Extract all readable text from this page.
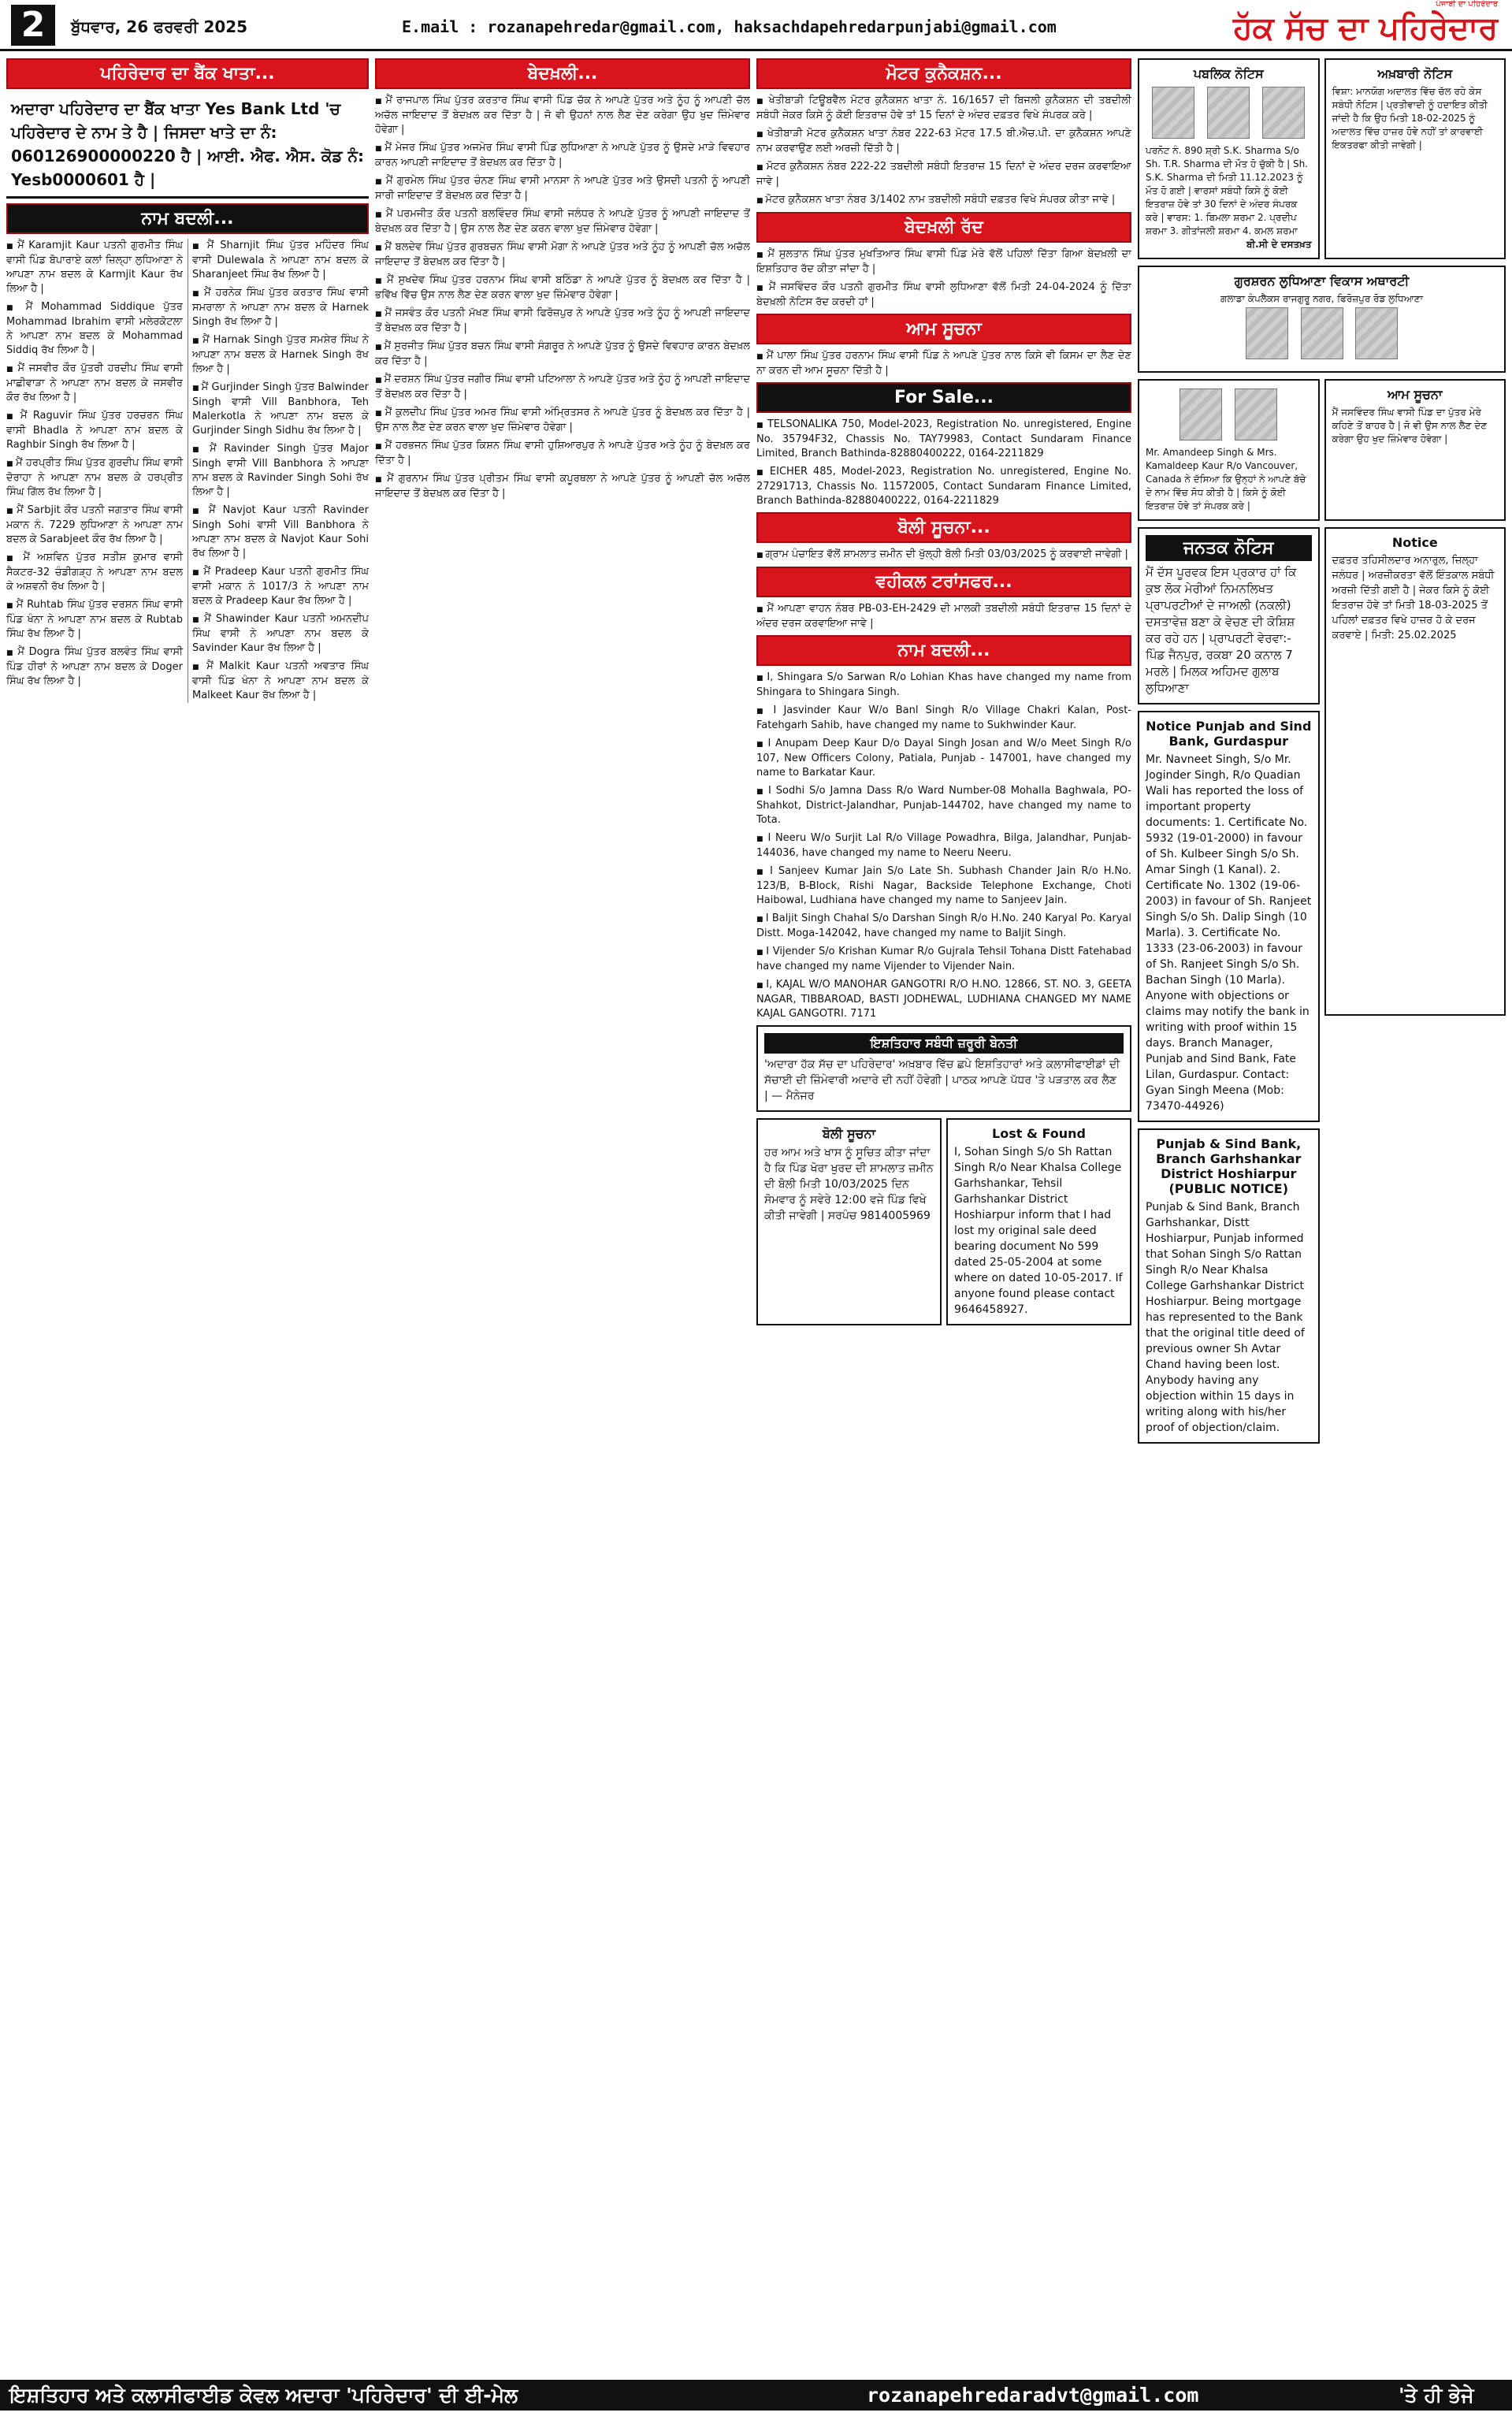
2	ਬੁੱਧਵਾਰ, 26 ਫਰਵਰੀ 2025	E.mail : rozanapehredar@gmail.com, haksachdapehredarpunjabi@gmail.com
ਪੰਜਾਬੀ ਦਾ ਪਹਿਰੇਦਾਰ
ਹੱਕ ਸੱਚ ਦਾ ਪਹਿਰੇਦਾਰ
ਪਹਿਰੇਦਾਰ ਦਾ ਬੈਂਕ ਖਾਤਾ...
ਅਦਾਰਾ ਪਹਿਰੇਦਾਰ ਦਾ ਬੈਂਕ ਖਾਤਾ Yes Bank Ltd 'ਚ ਪਹਿਰੇਦਾਰ ਦੇ ਨਾਮ ਤੇ ਹੈ | ਜਿਸਦਾ ਖਾਤੇ ਦਾ ਨੰ: 060126900000220 ਹੈ | ਆਈ. ਐਫ. ਐਸ. ਕੋਡ ਨੰ: Yesb0000601 ਹੈ |
ਨਾਮ ਬਦਲੀ...
■ ਮੈਂ Karamjit Kaur ਪਤਨੀ ਗੁਰਮੀਤ ਸਿੰਘ ਵਾਸੀ ਪਿੰਡ ਬੋਪਾਰਾਏ ਕਲਾਂ ਜ਼ਿਲ੍ਹਾ ਲੁਧਿਆਣਾ ਨੇ ਆਪਣਾ ਨਾਮ ਬਦਲ ਕੇ Karmjit Kaur ਰੱਖ ਲਿਆ ਹੈ |
■ ਮੈਂ Mohammad Siddique ਪੁੱਤਰ Mohammad Ibrahim ਵਾਸੀ ਮਲੇਰਕੋਟਲਾ ਨੇ ਆਪਣਾ ਨਾਮ ਬਦਲ ਕੇ Mohammad Siddiq ਰੱਖ ਲਿਆ ਹੈ |
■ ਮੈਂ ਜਸਵੀਰ ਕੌਰ ਪੁੱਤਰੀ ਹਰਦੀਪ ਸਿੰਘ ਵਾਸੀ ਮਾਛੀਵਾੜਾ ਨੇ ਆਪਣਾ ਨਾਮ ਬਦਲ ਕੇ ਜਸਵੀਰ ਕੌਰ ਰੱਖ ਲਿਆ ਹੈ |
■ ਮੈਂ Raguvir ਸਿੰਘ ਪੁੱਤਰ ਹਰਚਰਨ ਸਿੰਘ ਵਾਸੀ Bhadla ਨੇ ਆਪਣਾ ਨਾਮ ਬਦਲ ਕੇ Raghbir Singh ਰੱਖ ਲਿਆ ਹੈ |
■ ਮੈਂ ਹਰਪ੍ਰੀਤ ਸਿੰਘ ਪੁੱਤਰ ਗੁਰਦੀਪ ਸਿੰਘ ਵਾਸੀ ਦੋਰਾਹਾ ਨੇ ਆਪਣਾ ਨਾਮ ਬਦਲ ਕੇ ਹਰਪ੍ਰੀਤ ਸਿੰਘ ਗਿੱਲ ਰੱਖ ਲਿਆ ਹੈ |
■ ਮੈਂ Sarbjit ਕੌਰ ਪਤਨੀ ਜਗਤਾਰ ਸਿੰਘ ਵਾਸੀ ਮਕਾਨ ਨੰ. 7229 ਲੁਧਿਆਣਾ ਨੇ ਆਪਣਾ ਨਾਮ ਬਦਲ ਕੇ Sarabjeet ਕੌਰ ਰੱਖ ਲਿਆ ਹੈ |
■ ਮੈਂ ਅਸ਼ਵਿਨ ਪੁੱਤਰ ਸਤੀਸ਼ ਕੁਮਾਰ ਵਾਸੀ ਸੈਕਟਰ-32 ਚੰਡੀਗੜ੍ਹ ਨੇ ਆਪਣਾ ਨਾਮ ਬਦਲ ਕੇ ਅਸ਼ਵਨੀ ਰੱਖ ਲਿਆ ਹੈ |
■ ਮੈਂ Ruhtab ਸਿੰਘ ਪੁੱਤਰ ਦਰਸ਼ਨ ਸਿੰਘ ਵਾਸੀ ਪਿੰਡ ਖੰਨਾ ਨੇ ਆਪਣਾ ਨਾਮ ਬਦਲ ਕੇ Rubtab ਸਿੰਘ ਰੱਖ ਲਿਆ ਹੈ |
■ ਮੈਂ Dogra ਸਿੰਘ ਪੁੱਤਰ ਬਲਵੰਤ ਸਿੰਘ ਵਾਸੀ ਪਿੰਡ ਹੀਰਾਂ ਨੇ ਆਪਣਾ ਨਾਮ ਬਦਲ ਕੇ Doger ਸਿੰਘ ਰੱਖ ਲਿਆ ਹੈ |
■ ਮੈਂ Sharnjit ਸਿੰਘ ਪੁੱਤਰ ਮਹਿੰਦਰ ਸਿੰਘ ਵਾਸੀ Dulewala ਨੇ ਆਪਣਾ ਨਾਮ ਬਦਲ ਕੇ Sharanjeet ਸਿੰਘ ਰੱਖ ਲਿਆ ਹੈ |
■ ਮੈਂ ਹਰਨੇਕ ਸਿੰਘ ਪੁੱਤਰ ਕਰਤਾਰ ਸਿੰਘ ਵਾਸੀ ਸਮਰਾਲਾ ਨੇ ਆਪਣਾ ਨਾਮ ਬਦਲ ਕੇ Harnek Singh ਰੱਖ ਲਿਆ ਹੈ |
■ ਮੈਂ Harnak Singh ਪੁੱਤਰ ਸਮਸ਼ੇਰ ਸਿੰਘ ਨੇ ਆਪਣਾ ਨਾਮ ਬਦਲ ਕੇ Harnek Singh ਰੱਖ ਲਿਆ ਹੈ |
■ ਮੈਂ Gurjinder Singh ਪੁੱਤਰ Balwinder Singh ਵਾਸੀ Vill Banbhora, Teh Malerkotla ਨੇ ਆਪਣਾ ਨਾਮ ਬਦਲ ਕੇ Gurjinder Singh Sidhu ਰੱਖ ਲਿਆ ਹੈ |
■ ਮੈਂ Ravinder Singh ਪੁੱਤਰ Major Singh ਵਾਸੀ Vill Banbhora ਨੇ ਆਪਣਾ ਨਾਮ ਬਦਲ ਕੇ Ravinder Singh Sohi ਰੱਖ ਲਿਆ ਹੈ |
■ ਮੈਂ Navjot Kaur ਪਤਨੀ Ravinder Singh Sohi ਵਾਸੀ Vill Banbhora ਨੇ ਆਪਣਾ ਨਾਮ ਬਦਲ ਕੇ Navjot Kaur Sohi ਰੱਖ ਲਿਆ ਹੈ |
■ ਮੈਂ Pradeep Kaur ਪਤਨੀ ਗੁਰਮੀਤ ਸਿੰਘ ਵਾਸੀ ਮਕਾਨ ਨੰ 1017/3 ਨੇ ਆਪਣਾ ਨਾਮ ਬਦਲ ਕੇ Pradeep Kaur ਰੱਖ ਲਿਆ ਹੈ |
■ ਮੈਂ Shawinder Kaur ਪਤਨੀ ਅਮਨਦੀਪ ਸਿੰਘ ਵਾਸੀ ਨੇ ਆਪਣਾ ਨਾਮ ਬਦਲ ਕੇ Savinder Kaur ਰੱਖ ਲਿਆ ਹੈ |
■ ਮੈਂ Malkit Kaur ਪਤਨੀ ਅਵਤਾਰ ਸਿੰਘ ਵਾਸੀ ਪਿੰਡ ਖੰਨਾ ਨੇ ਆਪਣਾ ਨਾਮ ਬਦਲ ਕੇ Malkeet Kaur ਰੱਖ ਲਿਆ ਹੈ |
ਬੇਦਖ਼ਲੀ...
■ ਮੈਂ ਰਾਜਪਾਲ ਸਿੰਘ ਪੁੱਤਰ ਕਰਤਾਰ ਸਿੰਘ ਵਾਸੀ ਪਿੰਡ ਚੱਕ ਨੇ ਆਪਣੇ ਪੁੱਤਰ ਅਤੇ ਨੂੰਹ ਨੂੰ ਆਪਣੀ ਚੱਲ ਅਚੱਲ ਜਾਇਦਾਦ ਤੋਂ ਬੇਦਖ਼ਲ ਕਰ ਦਿੱਤਾ ਹੈ | ਜੋ ਵੀ ਉਹਨਾਂ ਨਾਲ ਲੈਣ ਦੇਣ ਕਰੇਗਾ ਉਹ ਖੁਦ ਜ਼ਿੰਮੇਵਾਰ ਹੋਵੇਗਾ |
■ ਮੈਂ ਮੇਜਰ ਸਿੰਘ ਪੁੱਤਰ ਅਜਮੇਰ ਸਿੰਘ ਵਾਸੀ ਪਿੰਡ ਲੁਧਿਆਣਾ ਨੇ ਆਪਣੇ ਪੁੱਤਰ ਨੂੰ ਉਸਦੇ ਮਾੜੇ ਵਿਵਹਾਰ ਕਾਰਨ ਆਪਣੀ ਜਾਇਦਾਦ ਤੋਂ ਬੇਦਖ਼ਲ ਕਰ ਦਿੱਤਾ ਹੈ |
■ ਮੈਂ ਗੁਰਮੇਲ ਸਿੰਘ ਪੁੱਤਰ ਚੰਨਣ ਸਿੰਘ ਵਾਸੀ ਮਾਨਸਾ ਨੇ ਆਪਣੇ ਪੁੱਤਰ ਅਤੇ ਉਸਦੀ ਪਤਨੀ ਨੂੰ ਆਪਣੀ ਸਾਰੀ ਜਾਇਦਾਦ ਤੋਂ ਬੇਦਖ਼ਲ ਕਰ ਦਿੱਤਾ ਹੈ |
■ ਮੈਂ ਪਰਮਜੀਤ ਕੌਰ ਪਤਨੀ ਬਲਵਿੰਦਰ ਸਿੰਘ ਵਾਸੀ ਜਲੰਧਰ ਨੇ ਆਪਣੇ ਪੁੱਤਰ ਨੂੰ ਆਪਣੀ ਜਾਇਦਾਦ ਤੋਂ ਬੇਦਖ਼ਲ ਕਰ ਦਿੱਤਾ ਹੈ | ਉਸ ਨਾਲ ਲੈਣ ਦੇਣ ਕਰਨ ਵਾਲਾ ਖੁਦ ਜ਼ਿੰਮੇਵਾਰ ਹੋਵੇਗਾ |
■ ਮੈਂ ਬਲਦੇਵ ਸਿੰਘ ਪੁੱਤਰ ਗੁਰਬਚਨ ਸਿੰਘ ਵਾਸੀ ਮੋਗਾ ਨੇ ਆਪਣੇ ਪੁੱਤਰ ਅਤੇ ਨੂੰਹ ਨੂੰ ਆਪਣੀ ਚੱਲ ਅਚੱਲ ਜਾਇਦਾਦ ਤੋਂ ਬੇਦਖ਼ਲ ਕਰ ਦਿੱਤਾ ਹੈ |
■ ਮੈਂ ਸੁਖਦੇਵ ਸਿੰਘ ਪੁੱਤਰ ਹਰਨਾਮ ਸਿੰਘ ਵਾਸੀ ਬਠਿੰਡਾ ਨੇ ਆਪਣੇ ਪੁੱਤਰ ਨੂੰ ਬੇਦਖ਼ਲ ਕਰ ਦਿੱਤਾ ਹੈ | ਭਵਿੱਖ ਵਿੱਚ ਉਸ ਨਾਲ ਲੈਣ ਦੇਣ ਕਰਨ ਵਾਲਾ ਖੁਦ ਜ਼ਿੰਮੇਵਾਰ ਹੋਵੇਗਾ |
■ ਮੈਂ ਜਸਵੰਤ ਕੌਰ ਪਤਨੀ ਮੱਖਣ ਸਿੰਘ ਵਾਸੀ ਫਿਰੋਜ਼ਪੁਰ ਨੇ ਆਪਣੇ ਪੁੱਤਰ ਅਤੇ ਨੂੰਹ ਨੂੰ ਆਪਣੀ ਜਾਇਦਾਦ ਤੋਂ ਬੇਦਖ਼ਲ ਕਰ ਦਿੱਤਾ ਹੈ |
■ ਮੈਂ ਸੁਰਜੀਤ ਸਿੰਘ ਪੁੱਤਰ ਬਚਨ ਸਿੰਘ ਵਾਸੀ ਸੰਗਰੂਰ ਨੇ ਆਪਣੇ ਪੁੱਤਰ ਨੂੰ ਉਸਦੇ ਵਿਵਹਾਰ ਕਾਰਨ ਬੇਦਖ਼ਲ ਕਰ ਦਿੱਤਾ ਹੈ |
■ ਮੈਂ ਦਰਸ਼ਨ ਸਿੰਘ ਪੁੱਤਰ ਜਗੀਰ ਸਿੰਘ ਵਾਸੀ ਪਟਿਆਲਾ ਨੇ ਆਪਣੇ ਪੁੱਤਰ ਅਤੇ ਨੂੰਹ ਨੂੰ ਆਪਣੀ ਜਾਇਦਾਦ ਤੋਂ ਬੇਦਖ਼ਲ ਕਰ ਦਿੱਤਾ ਹੈ |
■ ਮੈਂ ਕੁਲਦੀਪ ਸਿੰਘ ਪੁੱਤਰ ਅਮਰ ਸਿੰਘ ਵਾਸੀ ਅੰਮ੍ਰਿਤਸਰ ਨੇ ਆਪਣੇ ਪੁੱਤਰ ਨੂੰ ਬੇਦਖ਼ਲ ਕਰ ਦਿੱਤਾ ਹੈ | ਉਸ ਨਾਲ ਲੈਣ ਦੇਣ ਕਰਨ ਵਾਲਾ ਖੁਦ ਜ਼ਿੰਮੇਵਾਰ ਹੋਵੇਗਾ |
■ ਮੈਂ ਹਰਭਜਨ ਸਿੰਘ ਪੁੱਤਰ ਕਿਸ਼ਨ ਸਿੰਘ ਵਾਸੀ ਹੁਸ਼ਿਆਰਪੁਰ ਨੇ ਆਪਣੇ ਪੁੱਤਰ ਅਤੇ ਨੂੰਹ ਨੂੰ ਬੇਦਖ਼ਲ ਕਰ ਦਿੱਤਾ ਹੈ |
■ ਮੈਂ ਗੁਰਨਾਮ ਸਿੰਘ ਪੁੱਤਰ ਪ੍ਰੀਤਮ ਸਿੰਘ ਵਾਸੀ ਕਪੂਰਥਲਾ ਨੇ ਆਪਣੇ ਪੁੱਤਰ ਨੂੰ ਆਪਣੀ ਚੱਲ ਅਚੱਲ ਜਾਇਦਾਦ ਤੋਂ ਬੇਦਖ਼ਲ ਕਰ ਦਿੱਤਾ ਹੈ |
ਮੋਟਰ ਕੁਨੈਕਸ਼ਨ...
■ ਖੇਤੀਬਾੜੀ ਟਿਊਬਵੈੱਲ ਮੋਟਰ ਕੁਨੈਕਸ਼ਨ ਖਾਤਾ ਨੰ. 16/1657 ਦੀ ਬਿਜਲੀ ਕੁਨੈਕਸ਼ਨ ਦੀ ਤਬਦੀਲੀ ਸਬੰਧੀ ਜੇਕਰ ਕਿਸੇ ਨੂੰ ਕੋਈ ਇਤਰਾਜ਼ ਹੋਵੇ ਤਾਂ 15 ਦਿਨਾਂ ਦੇ ਅੰਦਰ ਦਫ਼ਤਰ ਵਿਖੇ ਸੰਪਰਕ ਕਰੇ |
■ ਖੇਤੀਬਾੜੀ ਮੋਟਰ ਕੁਨੈਕਸ਼ਨ ਖਾਤਾ ਨੰਬਰ 222-63 ਮੋਟਰ 17.5 ਬੀ.ਐਚ.ਪੀ. ਦਾ ਕੁਨੈਕਸ਼ਨ ਆਪਣੇ ਨਾਮ ਕਰਵਾਉਣ ਲਈ ਅਰਜ਼ੀ ਦਿੱਤੀ ਹੈ |
■ ਮੋਟਰ ਕੁਨੈਕਸ਼ਨ ਨੰਬਰ 222-22 ਤਬਦੀਲੀ ਸਬੰਧੀ ਇਤਰਾਜ਼ 15 ਦਿਨਾਂ ਦੇ ਅੰਦਰ ਦਰਜ ਕਰਵਾਇਆ ਜਾਵੇ |
■ ਮੋਟਰ ਕੁਨੈਕਸ਼ਨ ਖਾਤਾ ਨੰਬਰ 3/1402 ਨਾਮ ਤਬਦੀਲੀ ਸਬੰਧੀ ਦਫ਼ਤਰ ਵਿਖੇ ਸੰਪਰਕ ਕੀਤਾ ਜਾਵੇ |
ਬੇਦਖ਼ਲੀ ਰੱਦ
■ ਮੈਂ ਸੁਲਤਾਨ ਸਿੰਘ ਪੁੱਤਰ ਮੁਖਤਿਆਰ ਸਿੰਘ ਵਾਸੀ ਪਿੰਡ ਮੇਰੇ ਵੱਲੋਂ ਪਹਿਲਾਂ ਦਿੱਤਾ ਗਿਆ ਬੇਦਖ਼ਲੀ ਦਾ ਇਸ਼ਤਿਹਾਰ ਰੱਦ ਕੀਤਾ ਜਾਂਦਾ ਹੈ |
■ ਮੈਂ ਜਸਵਿੰਦਰ ਕੌਰ ਪਤਨੀ ਗੁਰਮੀਤ ਸਿੰਘ ਵਾਸੀ ਲੁਧਿਆਣਾ ਵੱਲੋਂ ਮਿਤੀ 24-04-2024 ਨੂੰ ਦਿੱਤਾ ਬੇਦਖ਼ਲੀ ਨੋਟਿਸ ਰੱਦ ਕਰਦੀ ਹਾਂ |
ਆਮ ਸੂਚਨਾ
■ ਮੈਂ ਪਾਲਾ ਸਿੰਘ ਪੁੱਤਰ ਹਰਨਾਮ ਸਿੰਘ ਵਾਸੀ ਪਿੰਡ ਨੇ ਆਪਣੇ ਪੁੱਤਰ ਨਾਲ ਕਿਸੇ ਵੀ ਕਿਸਮ ਦਾ ਲੈਣ ਦੇਣ ਨਾ ਕਰਨ ਦੀ ਆਮ ਸੂਚਨਾ ਦਿੱਤੀ ਹੈ |
For Sale...
■ TELSONALIKA 750, Model-2023, Registration No. unregistered, Engine No. 35794F32, Chassis No. TAY79983, Contact Sundaram Finance Limited, Branch Bathinda-82880400222, 0164-2211829
■ EICHER 485, Model-2023, Registration No. unregistered, Engine No. 27291713, Chassis No. 11572005, Contact Sundaram Finance Limited, Branch Bathinda-82880400222, 0164-2211829
ਬੋਲੀ ਸੂਚਨਾ...
■ ਗ੍ਰਾਮ ਪੰਚਾਇਤ ਵੱਲੋਂ ਸ਼ਾਮਲਾਤ ਜ਼ਮੀਨ ਦੀ ਖੁੱਲ੍ਹੀ ਬੋਲੀ ਮਿਤੀ 03/03/2025 ਨੂੰ ਕਰਵਾਈ ਜਾਵੇਗੀ |
ਵਹੀਕਲ ਟਰਾਂਸਫਰ...
■ ਮੈਂ ਆਪਣਾ ਵਾਹਨ ਨੰਬਰ PB-03-EH-2429 ਦੀ ਮਾਲਕੀ ਤਬਦੀਲੀ ਸਬੰਧੀ ਇਤਰਾਜ਼ 15 ਦਿਨਾਂ ਦੇ ਅੰਦਰ ਦਰਜ ਕਰਵਾਇਆ ਜਾਵੇ |
ਨਾਮ ਬਦਲੀ...
■ I, Shingara S/o Sarwan R/o Lohian Khas have changed my name from Shingara to Shingara Singh.
■ I Jasvinder Kaur W/o Banl Singh R/o Village Chakri Kalan, Post-Fatehgarh Sahib, have changed my name to Sukhwinder Kaur.
■ I Anupam Deep Kaur D/o Dayal Singh Josan and W/o Meet Singh R/o 107, New Officers Colony, Patiala, Punjab - 147001, have changed my name to Barkatar Kaur.
■ I Sodhi S/o Jamna Dass R/o Ward Number-08 Mohalla Baghwala, PO-Shahkot, District-Jalandhar, Punjab-144702, have changed my name to Tota.
■ I Neeru W/o Surjit Lal R/o Village Powadhra, Bilga, Jalandhar, Punjab-144036, have changed my name to Neeru Neeru.
■ I Sanjeev Kumar Jain S/o Late Sh. Subhash Chander Jain R/o H.No. 123/B, B-Block, Rishi Nagar, Backside Telephone Exchange, Choti Haibowal, Ludhiana have changed my name to Sanjeev Jain.
■ I Baljit Singh Chahal S/o Darshan Singh R/o H.No. 240 Karyal Po. Karyal Distt. Moga-142042, have changed my name to Baljit Singh.
■ I Vijender S/o Krishan Kumar R/o Gujrala Tehsil Tohana Distt Fatehabad have changed my name Vijender to Vijender Nain.
■ I, KAJAL W/O MANOHAR GANGOTRI R/O H.NO. 12866, ST. NO. 3, GEETA NAGAR, TIBBAROAD, BASTI JODHEWAL, LUDHIANA CHANGED MY NAME KAJAL GANGOTRI. 7171
ਇਸ਼ਤਿਹਾਰ ਸਬੰਧੀ ਜ਼ਰੂਰੀ ਬੇਨਤੀ
'ਅਦਾਰਾ ਹੱਕ ਸੱਚ ਦਾ ਪਹਿਰੇਦਾਰ' ਅਖ਼ਬਾਰ ਵਿੱਚ ਛਪੇ ਇਸ਼ਤਿਹਾਰਾਂ ਅਤੇ ਕਲਾਸੀਫਾਈਡਾਂ ਦੀ ਸੱਚਾਈ ਦੀ ਜ਼ਿੰਮੇਵਾਰੀ ਅਦਾਰੇ ਦੀ ਨਹੀਂ ਹੋਵੇਗੀ | ਪਾਠਕ ਆਪਣੇ ਪੱਧਰ 'ਤੇ ਪੜਤਾਲ ਕਰ ਲੈਣ | — ਮੈਨੇਜਰ
ਬੋਲੀ ਸੂਚਨਾ
ਹਰ ਆਮ ਅਤੇ ਖਾਸ ਨੂੰ ਸੂਚਿਤ ਕੀਤਾ ਜਾਂਦਾ ਹੈ ਕਿ ਪਿੰਡ ਖੋਰਾ ਖੁਰਦ ਦੀ ਸ਼ਾਮਲਾਤ ਜ਼ਮੀਨ ਦੀ ਬੋਲੀ ਮਿਤੀ 10/03/2025 ਦਿਨ ਸੋਮਵਾਰ ਨੂੰ ਸਵੇਰੇ 12:00 ਵਜੇ ਪਿੰਡ ਵਿਖੇ ਕੀਤੀ ਜਾਵੇਗੀ | ਸਰਪੰਚ 9814005969
Lost & Found
I, Sohan Singh S/o Sh Rattan Singh R/o Near Khalsa College Garhshankar, Tehsil Garhshankar District Hoshiarpur inform that I had lost my original sale deed bearing document No 599 dated 25-05-2004 at some where on dated 10-05-2017. If anyone found please contact 9646458927.
ਪਬਲਿਕ ਨੋਟਿਸ

ਪਰਨੋਟ ਨੰ. 890 ਸ਼੍ਰੀ S.K. Sharma S/o Sh. T.R. Sharma ਦੀ ਮੌਤ ਹੋ ਚੁੱਕੀ ਹੈ | Sh. S.K. Sharma ਦੀ ਮਿਤੀ 11.12.2023 ਨੂੰ ਮੌਤ ਹੋ ਗਈ | ਵਾਰਸਾਂ ਸਬੰਧੀ ਕਿਸੇ ਨੂੰ ਕੋਈ ਇਤਰਾਜ਼ ਹੋਵੇ ਤਾਂ 30 ਦਿਨਾਂ ਦੇ ਅੰਦਰ ਸੰਪਰਕ ਕਰੇ | ਵਾਰਸ: 1. ਬਿਮਲਾ ਸ਼ਰਮਾ 2. ਪ੍ਰਦੀਪ ਸ਼ਰਮਾ 3. ਗੀਤਾਂਜਲੀ ਸ਼ਰਮਾ 4. ਕਮਲ ਸ਼ਰਮਾ
ਬੀ.ਸੀ ਦੇ ਦਸਤਖ਼ਤ
ਅਖ਼ਬਾਰੀ ਨੋਟਿਸ
ਵਿਸ਼ਾ: ਮਾਨਯੋਗ ਅਦਾਲਤ ਵਿੱਚ ਚੱਲ ਰਹੇ ਕੇਸ ਸਬੰਧੀ ਨੋਟਿਸ | ਪ੍ਰਤੀਵਾਦੀ ਨੂੰ ਹਦਾਇਤ ਕੀਤੀ ਜਾਂਦੀ ਹੈ ਕਿ ਉਹ ਮਿਤੀ 18-02-2025 ਨੂੰ ਅਦਾਲਤ ਵਿੱਚ ਹਾਜ਼ਰ ਹੋਵੇ ਨਹੀਂ ਤਾਂ ਕਾਰਵਾਈ ਇਕਤਰਫਾ ਕੀਤੀ ਜਾਵੇਗੀ |
ਗੁਰਸ਼ਰਨ ਲੁਧਿਆਣਾ ਵਿਕਾਸ ਅਥਾਰਟੀ
ਗਲਾਡਾ ਕੰਪਲੈਕਸ ਰਾਜਗੁਰੂ ਨਗਰ, ਫਿਰੋਜ਼ਪੁਰ ਰੋਡ ਲੁਧਿਆਣਾ

Mr. Amandeep Singh & Mrs. Kamaldeep Kaur R/o Vancouver, Canada ਨੇ ਦੱਸਿਆ ਕਿ ਉਨ੍ਹਾਂ ਨੇ ਆਪਣੇ ਬੱਚੇ ਦੇ ਨਾਮ ਵਿੱਚ ਸੋਧ ਕੀਤੀ ਹੈ | ਕਿਸੇ ਨੂੰ ਕੋਈ ਇਤਰਾਜ਼ ਹੋਵੇ ਤਾਂ ਸੰਪਰਕ ਕਰੇ |
ਆਮ ਸੂਚਨਾ
ਮੈਂ ਜਸਵਿੰਦਰ ਸਿੰਘ ਵਾਸੀ ਪਿੰਡ ਦਾ ਪੁੱਤਰ ਮੇਰੇ ਕਹਿਣੇ ਤੋਂ ਬਾਹਰ ਹੈ | ਜੋ ਵੀ ਉਸ ਨਾਲ ਲੈਣ ਦੇਣ ਕਰੇਗਾ ਉਹ ਖੁਦ ਜ਼ਿੰਮੇਵਾਰ ਹੋਵੇਗਾ |
ਜਨਤਕ ਨੋਟਿਸ
ਮੈਂ ਦੱਸ ਪੂਰਵਕ ਇਸ ਪ੍ਰਕਾਰ ਹਾਂ ਕਿ ਕੁਝ ਲੋਕ ਮੇਰੀਆਂ ਨਿਮਨਲਿਖਤ ਪ੍ਰਾਪਰਟੀਆਂ ਦੇ ਜਾਅਲੀ (ਨਕਲੀ) ਦਸਤਾਵੇਜ਼ ਬਣਾ ਕੇ ਵੇਚਣ ਦੀ ਕੋਸ਼ਿਸ਼ ਕਰ ਰਹੇ ਹਨ | ਪ੍ਰਾਪਰਟੀ ਵੇਰਵਾ:- ਪਿੰਡ ਜੈਨਪੁਰ, ਰਕਬਾ 20 ਕਨਾਲ 7 ਮਰਲੇ | ਮਿਲਕ ਅਹਿਮਦ ਗੁਲਾਬ ਲੁਧਿਆਣਾ
Notice Punjab and Sind Bank, Gurdaspur
Mr. Navneet Singh, S/o Mr. Joginder Singh, R/o Quadian Wali has reported the loss of important property documents: 1. Certificate No. 5932 (19-01-2000) in favour of Sh. Kulbeer Singh S/o Sh. Amar Singh (1 Kanal). 2. Certificate No. 1302 (19-06-2003) in favour of Sh. Ranjeet Singh S/o Sh. Dalip Singh (10 Marla). 3. Certificate No. 1333 (23-06-2003) in favour of Sh. Ranjeet Singh S/o Sh. Bachan Singh (10 Marla). Anyone with objections or claims may notify the bank in writing with proof within 15 days. Branch Manager, Punjab and Sind Bank, Fate Lilan, Gurdaspur. Contact: Gyan Singh Meena (Mob: 73470-44926)
Punjab & Sind Bank, Branch Garhshankar District Hoshiarpur (PUBLIC NOTICE)
Punjab & Sind Bank, Branch Garhshankar, Distt Hoshiarpur, Punjab informed that Sohan Singh S/o Rattan Singh R/o Near Khalsa College Garhshankar District Hoshiarpur. Being mortgage has represented to the Bank that the original title deed of previous owner Sh Avtar Chand having been lost. Anybody having any objection within 15 days in writing along with his/her proof of objection/claim.
Notice
ਦਫ਼ਤਰ ਤਹਿਸੀਲਦਾਰ ਅਨਾਰੁਲ, ਜ਼ਿਲ੍ਹਾ ਜਲੰਧਰ | ਅਰਜ਼ੀਕਰਤਾ ਵੱਲੋਂ ਇੰਤਕਾਲ ਸਬੰਧੀ ਅਰਜ਼ੀ ਦਿੱਤੀ ਗਈ ਹੈ | ਜੇਕਰ ਕਿਸੇ ਨੂੰ ਕੋਈ ਇਤਰਾਜ਼ ਹੋਵੇ ਤਾਂ ਮਿਤੀ 18-03-2025 ਤੋਂ ਪਹਿਲਾਂ ਦਫ਼ਤਰ ਵਿਖੇ ਹਾਜ਼ਰ ਹੋ ਕੇ ਦਰਜ ਕਰਵਾਏ | ਮਿਤੀ: 25.02.2025
ਇਸ਼ਤਿਹਾਰ ਅਤੇ ਕਲਾਸੀਫਾਈਡ ਕੇਵਲ ਅਦਾਰਾ 'ਪਹਿਰੇਦਾਰ' ਦੀ ਈ-ਮੇਲ	rozanapehredaradvt@gmail.com	'ਤੇ ਹੀ ਭੇਜੇ ਜਾਣ |
